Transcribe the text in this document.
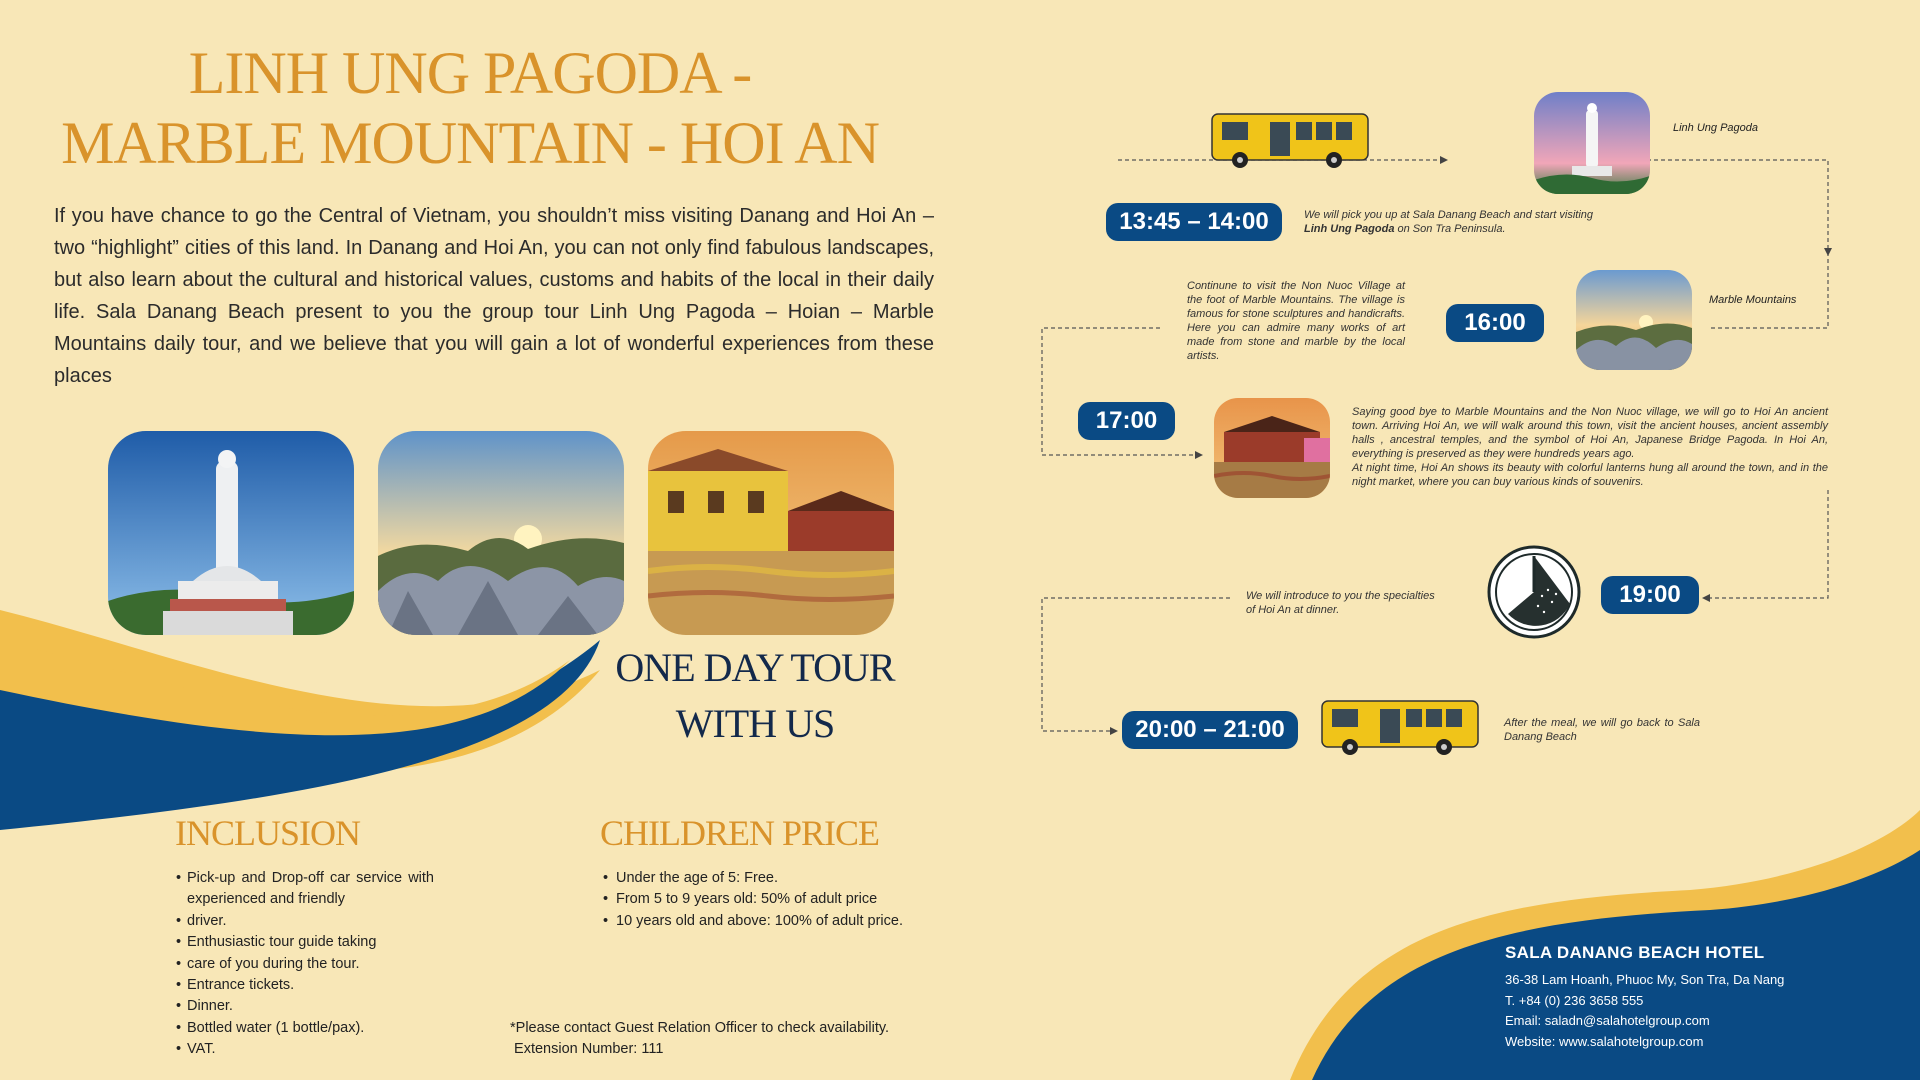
LINH UNG PAGODA -
MARBLE MOUNTAIN - HOI AN

If you have chance to go the Central of Vietnam, you shouldn’t miss visiting Danang and Hoi An – two “highlight” cities of this land. In Danang and Hoi An, you can not only find fabulous landscapes, but also learn about the cultural and historical values, customs and habits of the local in their daily life. Sala Danang Beach present to you the group tour Linh Ung Pagoda – Hoian – Marble Mountains daily tour, and we believe that you will gain a lot of wonderful experiences from these places

ONE DAY TOUR
WITH US
INCLUSION
• Pick-up and Drop-off car service with experienced and friendly
• driver.
• Enthusiastic tour guide taking
• care of you during the tour.
• Entrance tickets.
• Dinner.
• Bottled water (1 bottle/pax).
• VAT.
CHILDREN PRICE
• Under the age of 5: Free.
• From 5 to 9 years old: 50% of adult price
• 10 years old and above: 100% of adult price.
*Please contact Guest Relation Officer to check availability.
Extension Number: 111
Linh Ung Pagoda
13:45 – 14:00	We will pick you up at Sala Danang Beach and start visiting
Linh Ung Pagoda on Son Tra Peninsula.
Continune to visit the Non Nuoc Village at the foot of Marble Mountains. The village is famous for stone sculptures and handicrafts. Here you can admire many works of art made from stone and marble by the local artists.
16:00
Marble Mountains
17:00	Saying good bye to Marble Mountains and the Non Nuoc village, we will go to Hoi An ancient town. Arriving Hoi An, we will walk around this town, visit the ancient houses, ancient assembly halls , ancestral temples, and the symbol of Hoi An, Japanese Bridge Pagoda. In Hoi An, everything is preserved as they were hundreds years ago.
At night time, Hoi An shows its beauty with colorful lanterns hung all around the town, and in the night market, where you can buy various kinds of souvenirs.
We will introduce to you the specialties of Hoi An at dinner.
19:00
20:00 – 21:00	After the meal, we will go back to Sala Danang Beach
SALA DANANG BEACH HOTEL
36-38 Lam Hoanh, Phuoc My, Son Tra, Da Nang
T. +84 (0) 236 3658 555
Email: saladn@salahotelgroup.com
Website: www.salahotelgroup.com
